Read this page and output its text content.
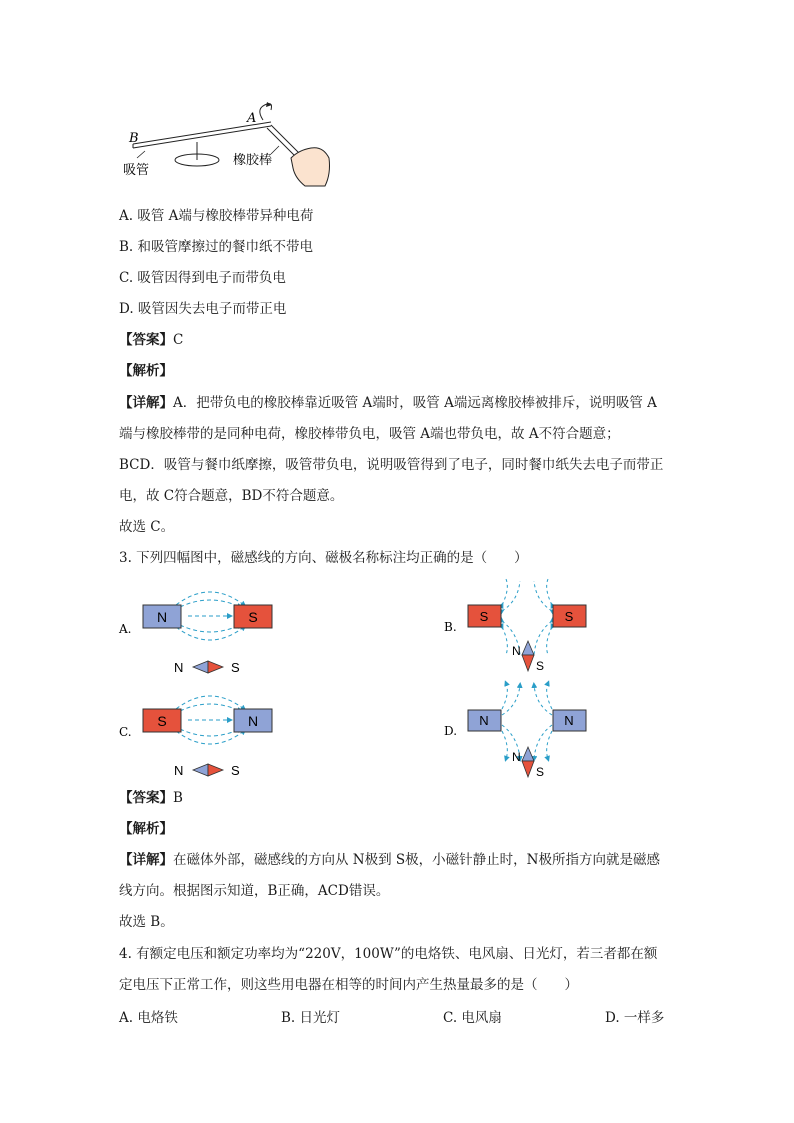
B
A
吸管
橡胶棒
A. 吸管 A端与橡胶棒带异种电荷
B. 和吸管摩擦过的餐巾纸不带电
C. 吸管因得到电子而带负电
D. 吸管因失去电子而带正电
【答案】C
【解析】
【详解】A．把带负电的橡胶棒靠近吸管 A端时，吸管 A端远离橡胶棒被排斥，说明吸管 A
端与橡胶棒带的是同种电荷，橡胶棒带负电，吸管 A端也带负电，故 A不符合题意；
BCD．吸管与餐巾纸摩擦，吸管带负电，说明吸管得到了电子，同时餐巾纸失去电子而带正
电，故 C符合题意，BD不符合题意。
故选 C。
3. 下列四幅图中，磁感线的方向、磁极名称标注均正确的是（　　）
A.	B.
C.	D.
N	S
N	S
S	S
N
S
S	N
N	S
N	N
N
S
【答案】B
【解析】
【详解】在磁体外部，磁感线的方向从 N极到 S极，小磁针静止时，N极所指方向就是磁感
线方向。根据图示知道，B正确，ACD错误。
故选 B。
4. 有额定电压和额定功率均为“220V，100W”的电烙铁、电风扇、日光灯，若三者都在额
定电压下正常工作，则这些用电器在相等的时间内产生热量最多的是（　　）
A. 电烙铁	B. 日光灯	C. 电风扇	D. 一样多
